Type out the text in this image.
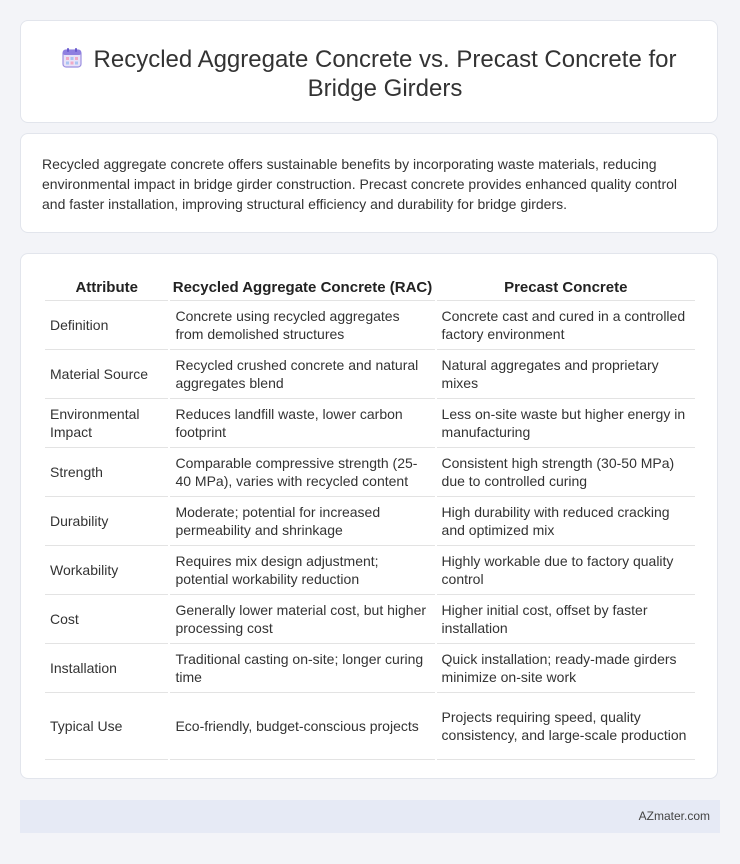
Recycled Aggregate Concrete vs. Precast Concrete for Bridge Girders
Recycled aggregate concrete offers sustainable benefits by incorporating waste materials, reducing environmental impact in bridge girder construction. Precast concrete provides enhanced quality control and faster installation, improving structural efficiency and durability for bridge girders.
Attribute	Recycled Aggregate Concrete (RAC)	Precast Concrete
Definition	Concrete using recycled aggregates from demolished structures	Concrete cast and cured in a controlled factory environment
Material Source	Recycled crushed concrete and natural aggregates blend	Natural aggregates and proprietary mixes
Environmental Impact	Reduces landfill waste, lower carbon footprint	Less on-site waste but higher energy in manufacturing
Strength	Comparable compressive strength (25-40 MPa), varies with recycled content	Consistent high strength (30-50 MPa) due to controlled curing
Durability	Moderate; potential for increased permeability and shrinkage	High durability with reduced cracking and optimized mix
Workability	Requires mix design adjustment; potential workability reduction	Highly workable due to factory quality control
Cost	Generally lower material cost, but higher processing cost	Higher initial cost, offset by faster installation
Installation	Traditional casting on-site; longer curing time	Quick installation; ready-made girders minimize on-site work
Typical Use	Eco-friendly, budget-conscious projects	Projects requiring speed, quality consistency, and large-scale production
AZmater.com
